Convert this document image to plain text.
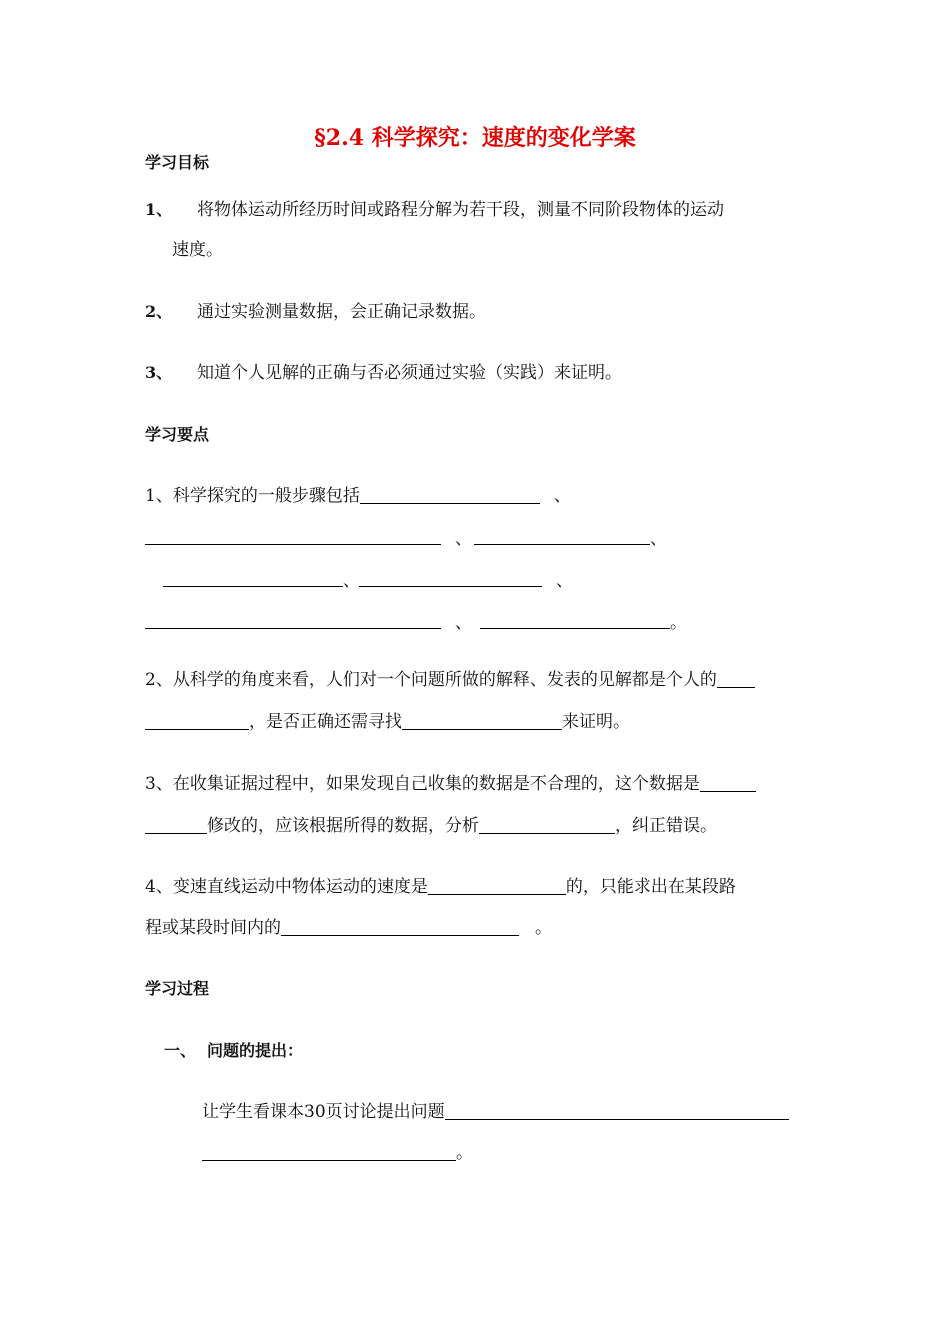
§2.4 科学探究：速度的变化学案
学习目标
1、 将物体运动所经历时间或路程分解为若干段，测量不同阶段物体的运动
速度。
2、 通过实验测量数据，会正确记录数据。
3、 知道个人见解的正确与否必须通过实验（实践）来证明。
学习要点
1、科学探究的一般步骤包括	、
、	、
、	、
、	。
2、从科学的角度来看，人们对一个问题所做的解释、发表的见解都是个人的
，是否正确还需寻找	来证明。
3、在收集证据过程中，如果发现自己收集的数据是不合理的，这个数据是
修改的，应该根据所得的数据，分析	，纠正错误。
4、变速直线运动中物体运动的速度是	的，只能求出在某段路
程或某段时间内的	。
学习过程
一、 问题的提出：
让学生看课本30页讨论提出问题
。
